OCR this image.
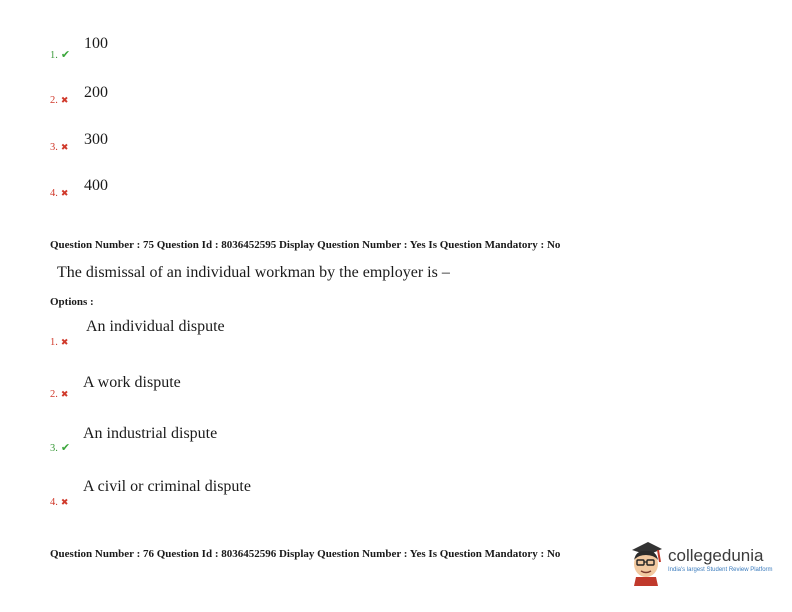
1. ✔
100
2. ✖ 200
3. ✖ 300
4. ✖ 400
Question Number : 75 Question Id : 8036452595 Display Question Number : Yes Is Question Mandatory : No
The dismissal of an individual workman by the employer is –
Options :
An individual dispute
1. ✖
A work dispute
2. ✖
An industrial dispute
3. ✔
A civil or criminal dispute
4. ✖
Question Number : 76 Question Id : 8036452596 Display Question Number : Yes Is Question Mandatory : No	collegedunia
India's largest Student Review Platform
